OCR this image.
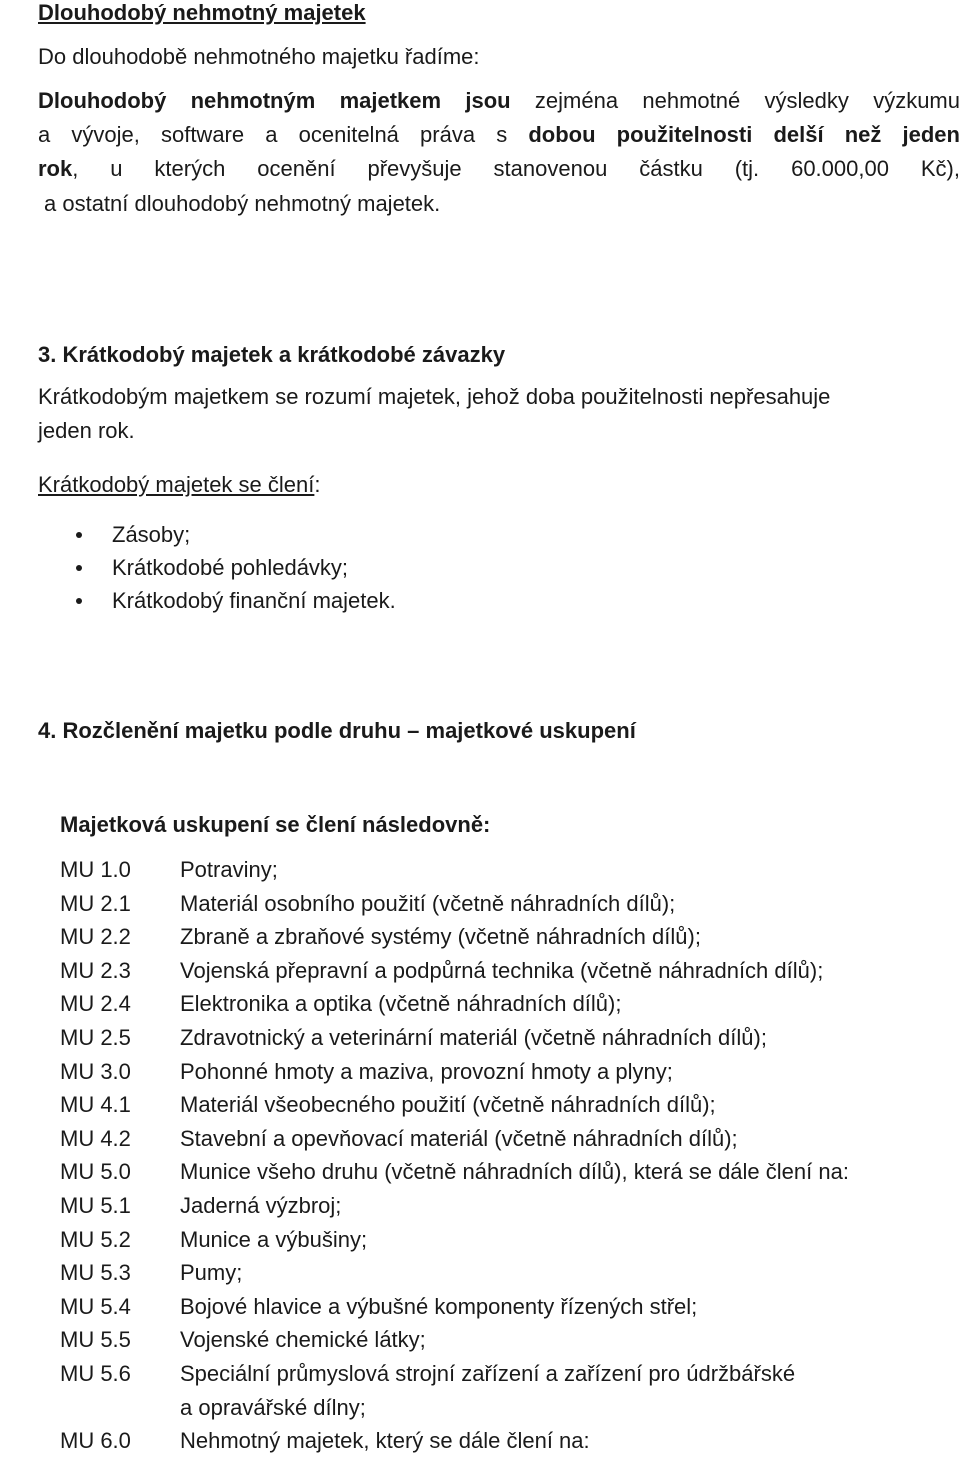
Dlouhodobý nehmotný majetek
Do dlouhodobě nehmotného majetku řadíme:
Dlouhodobý nehmotným majetkem jsou zejména nehmotné výsledky výzkumu
a vývoje, software a ocenitelná práva s dobou použitelnosti delší než jeden
rok, u kterých ocenění převyšuje stanovenou částku (tj. 60.000,00 Kč),
a ostatní dlouhodobý nehmotný majetek.
3. Krátkodobý majetek a krátkodobé závazky
Krátkodobým majetkem se rozumí majetek, jehož doba použitelnosti nepřesahuje
jeden rok.
Krátkodobý majetek se člení:
Zásoby;
Krátkodobé pohledávky;
Krátkodobý finanční majetek.
4. Rozčlenění majetku podle druhu – majetkové uskupení
Majetková uskupení se člení následovně:
MU 1.0	Potraviny;
MU 2.1	Materiál osobního použití (včetně náhradních dílů);
MU 2.2	Zbraně a zbraňové systémy (včetně náhradních dílů);
MU 2.3	Vojenská přepravní a podpůrná technika (včetně náhradních dílů);
MU 2.4	Elektronika a optika (včetně náhradních dílů);
MU 2.5	Zdravotnický a veterinární materiál (včetně náhradních dílů);
MU 3.0	Pohonné hmoty a maziva, provozní hmoty a plyny;
MU 4.1	Materiál všeobecného použití (včetně náhradních dílů);
MU 4.2	Stavební a opevňovací materiál (včetně náhradních dílů);
MU 5.0	Munice všeho druhu (včetně náhradních dílů), která se dále člení na:
MU 5.1	Jaderná výzbroj;
MU 5.2	Munice a výbušiny;
MU 5.3	Pumy;
MU 5.4	Bojové hlavice a výbušné komponenty řízených střel;
MU 5.5	Vojenské chemické látky;
MU 5.6	Speciální průmyslová strojní zařízení a zařízení pro údržbářské
a opravářské dílny;
MU 6.0	Nehmotný majetek, který se dále člení na:
